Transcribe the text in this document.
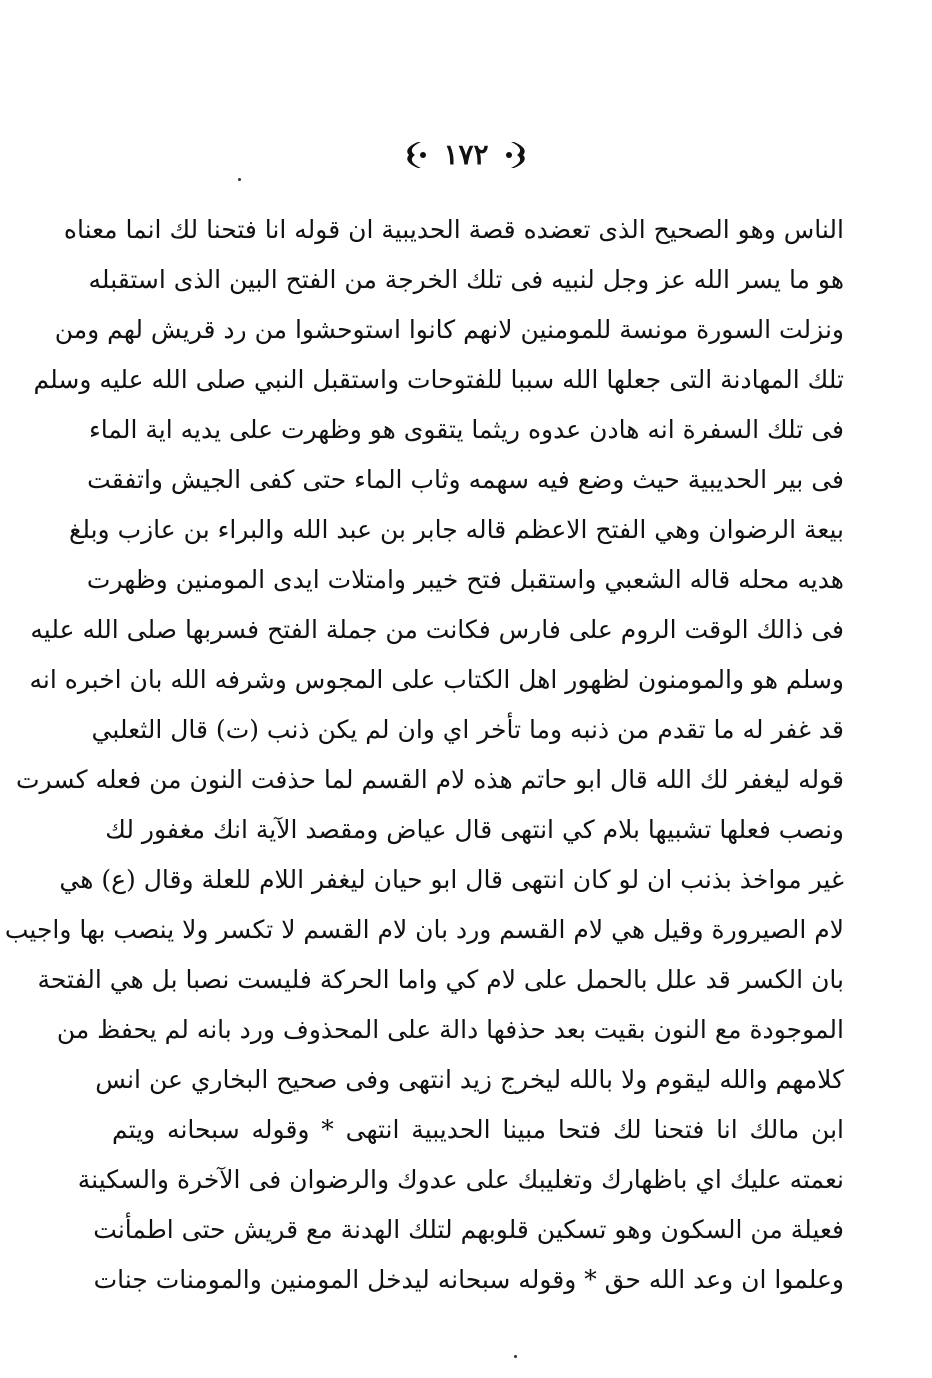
١٧٢
الناس وهو الصحيح الذى تعضده قصة الحديبية ان قوله انا فتحنا لك انما معناه
هو ما يسر الله عز وجل لنبيه فى تلك الخرجة من الفتح البين الذى استقبله
ونزلت السورة مونسة للمومنين لانهم كانوا استوحشوا من رد قريش لهم ومن
تلك المهادنة التى جعلها الله سببا للفتوحات واستقبل النبي صلى الله عليه وسلم
فى تلك السفرة انه هادن عدوه ريثما يتقوى هو وظهرت على يديه اية الماء
فى بير الحديبية حيث وضع فيه سهمه وثاب الماء حتى كفى الجيش واتفقت
بيعة الرضوان وهي الفتح الاعظم قاله جابر بن عبد الله والبراء بن عازب وبلغ
هديه محله قاله الشعبي واستقبل فتح خيبر وامتلات ايدى المومنين وظهرت
فى ذالك الوقت الروم على فارس فكانت من جملة الفتح فسربها صلى الله عليه
وسلم هو والمومنون لظهور اهل الكتاب على المجوس وشرفه الله بان اخبره انه
قد غفر له ما تقدم من ذنبه وما تأخر اي وان لم يكن ذنب (ت) قال الثعلبي
قوله ليغفر لك الله قال ابو حاتم هذه لام القسم لما حذفت النون من فعله كسرت
ونصب فعلها تشبيها بلام كي انتهى قال عياض ومقصد الآية انك مغفور لك
غير مواخذ بذنب ان لو كان انتهى قال ابو حيان ليغفر اللام للعلة وقال (ع) هي
لام الصيرورة وقيل هي لام القسم ورد بان لام القسم لا تكسر ولا ينصب بها واجيب
بان الكسر قد علل بالحمل على لام كي واما الحركة فليست نصبا بل هي الفتحة
الموجودة مع النون بقيت بعد حذفها دالة على المحذوف ورد بانه لم يحفظ من
كلامهم والله ليقوم ولا بالله ليخرج زيد انتهى وفى صحيح البخاري عن انس
ابن مالك انا فتحنا لك فتحا مبينا الحديبية انتهى * وقوله سبحانه ويتم
نعمته عليك اي باظهارك وتغليبك على عدوك والرضوان فى الآخرة والسكينة
فعيلة من السكون وهو تسكين قلوبهم لتلك الهدنة مع قريش حتى اطمأنت
وعلموا ان وعد الله حق * وقوله سبحانه ليدخل المومنين والمومنات جنات
